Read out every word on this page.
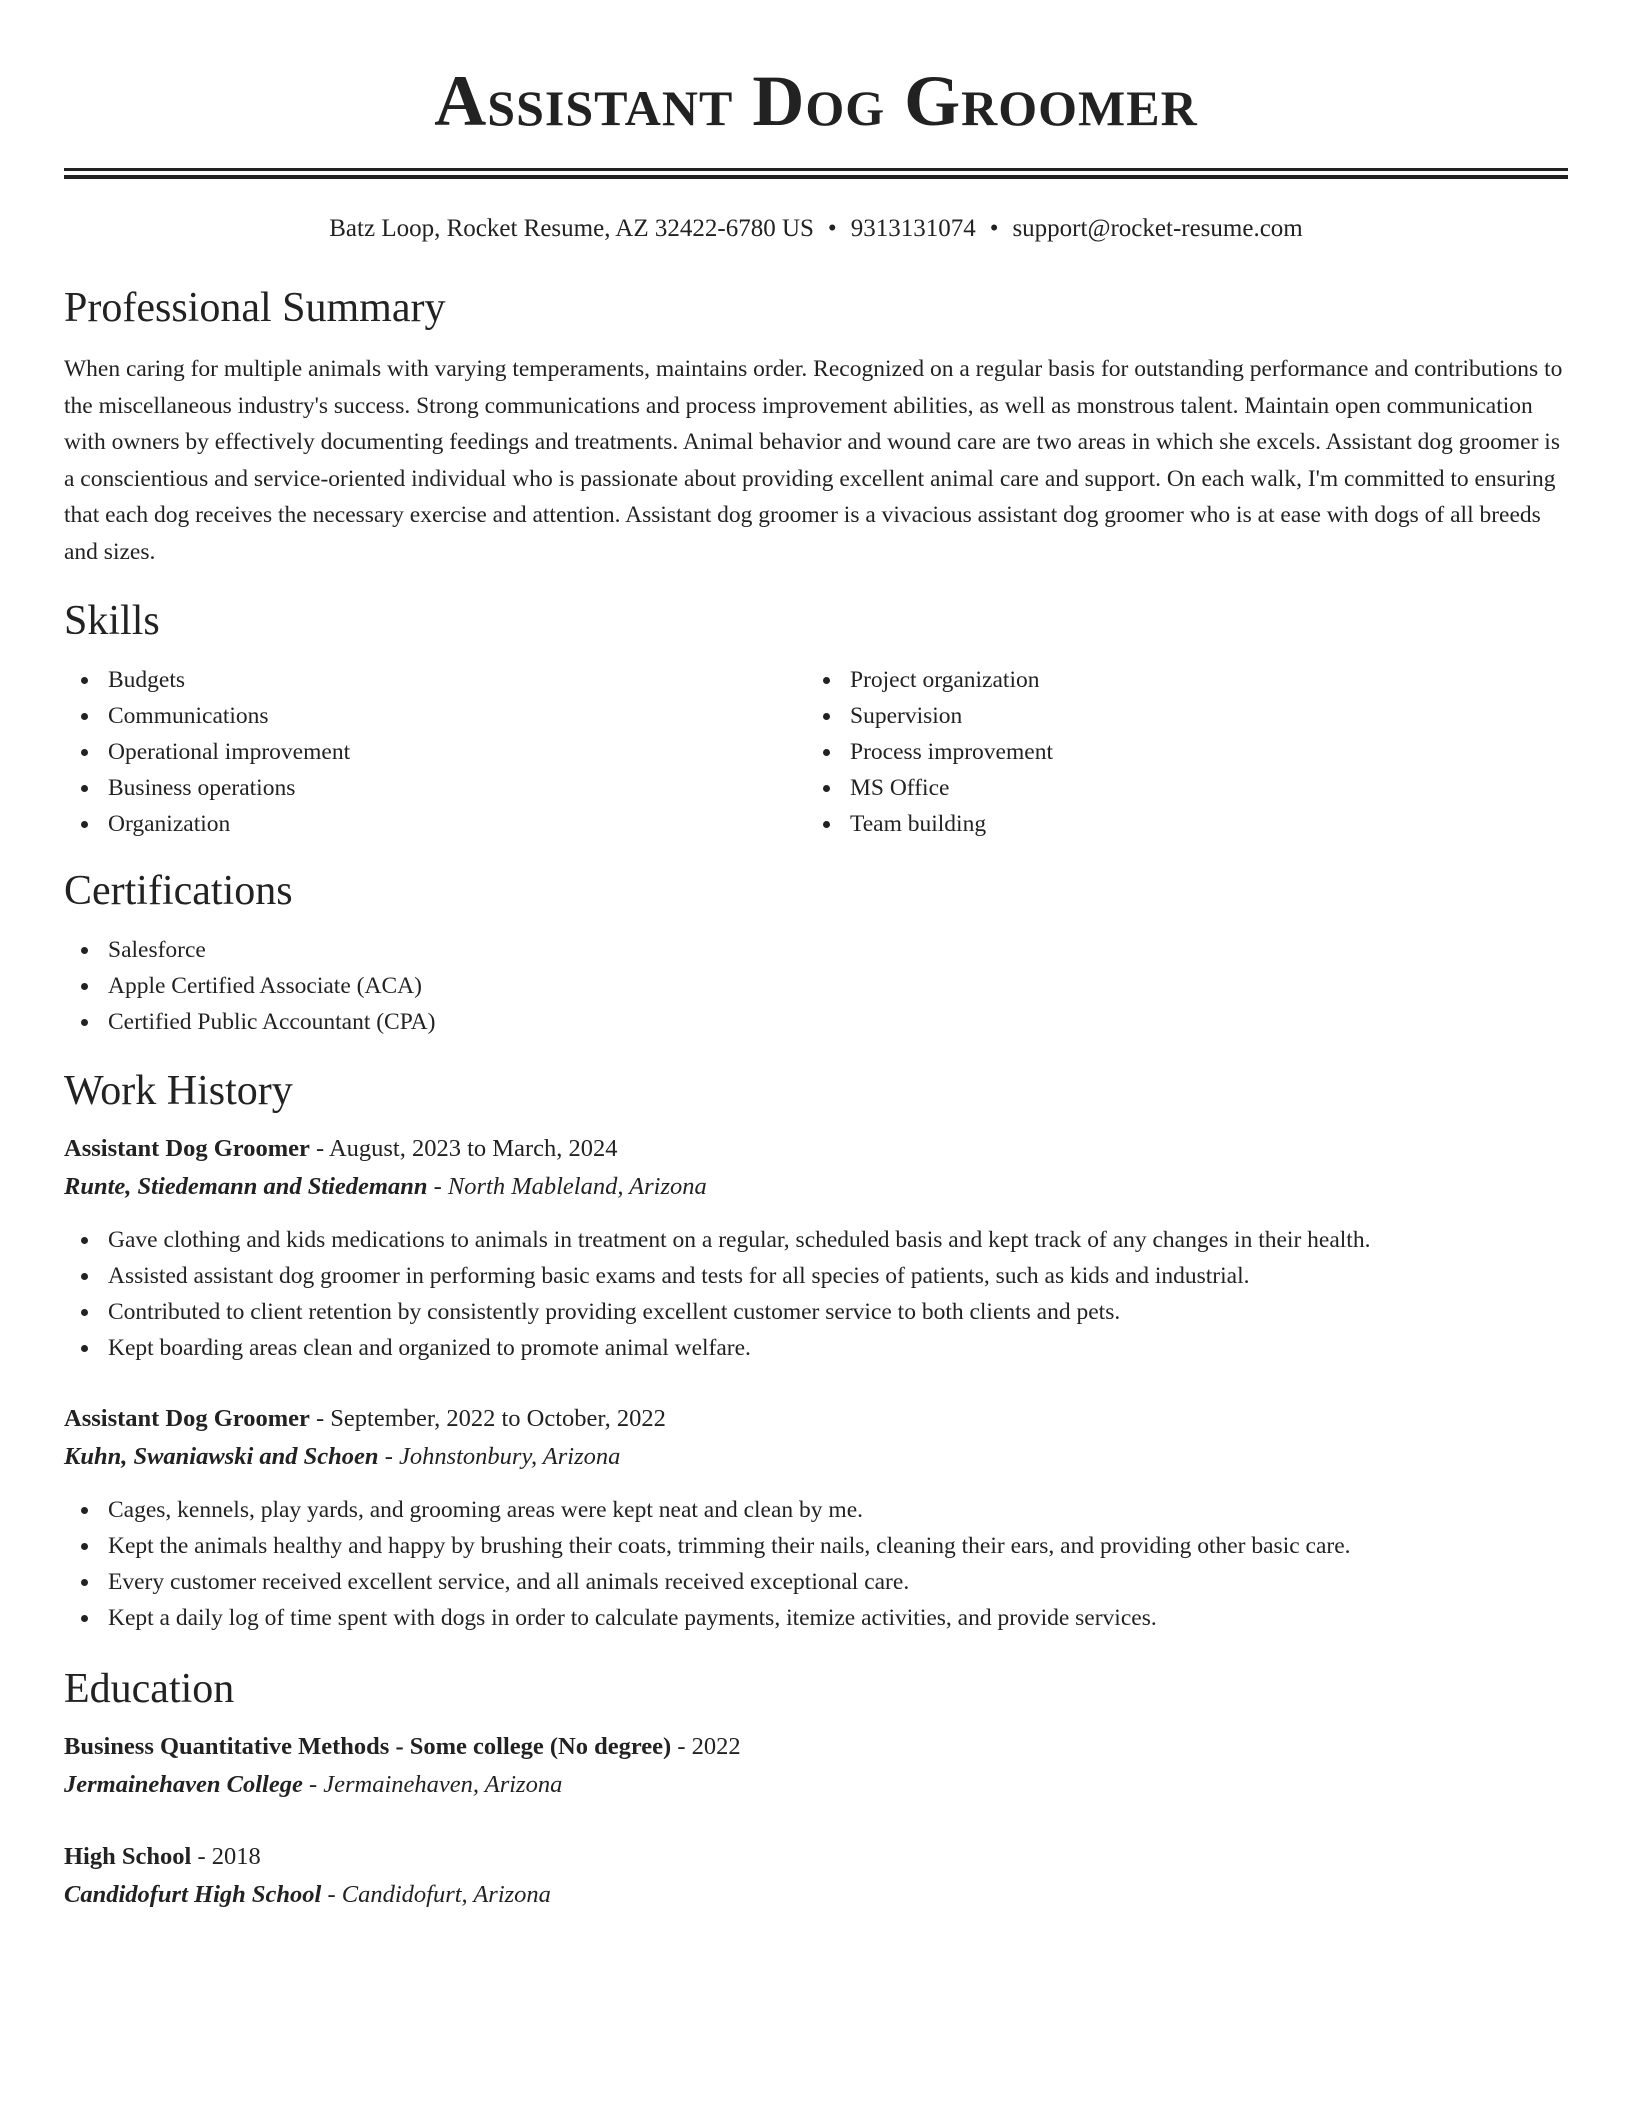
Assistant Dog Groomer
Batz Loop, Rocket Resume, AZ 32422-6780 US • 9313131074 • support@rocket-resume.com
Professional Summary
When caring for multiple animals with varying temperaments, maintains order. Recognized on a regular basis for outstanding performance and contributions to the miscellaneous industry's success. Strong communications and process improvement abilities, as well as monstrous talent. Maintain open communication with owners by effectively documenting feedings and treatments. Animal behavior and wound care are two areas in which she excels. Assistant dog groomer is a conscientious and service-oriented individual who is passionate about providing excellent animal care and support. On each walk, I'm committed to ensuring that each dog receives the necessary exercise and attention. Assistant dog groomer is a vivacious assistant dog groomer who is at ease with dogs of all breeds and sizes.
Skills
Budgets
Communications
Operational improvement
Business operations
Organization
Project organization
Supervision
Process improvement
MS Office
Team building
Certifications
Salesforce
Apple Certified Associate (ACA)
Certified Public Accountant (CPA)
Work History
Assistant Dog Groomer - August, 2023 to March, 2024
Runte, Stiedemann and Stiedemann - North Mableland, Arizona
Gave clothing and kids medications to animals in treatment on a regular, scheduled basis and kept track of any changes in their health.
Assisted assistant dog groomer in performing basic exams and tests for all species of patients, such as kids and industrial.
Contributed to client retention by consistently providing excellent customer service to both clients and pets.
Kept boarding areas clean and organized to promote animal welfare.
Assistant Dog Groomer - September, 2022 to October, 2022
Kuhn, Swaniawski and Schoen - Johnstonbury, Arizona
Cages, kennels, play yards, and grooming areas were kept neat and clean by me.
Kept the animals healthy and happy by brushing their coats, trimming their nails, cleaning their ears, and providing other basic care.
Every customer received excellent service, and all animals received exceptional care.
Kept a daily log of time spent with dogs in order to calculate payments, itemize activities, and provide services.
Education
Business Quantitative Methods - Some college (No degree) - 2022
Jermainehaven College - Jermainehaven, Arizona
High School - 2018
Candidofurt High School - Candidofurt, Arizona
